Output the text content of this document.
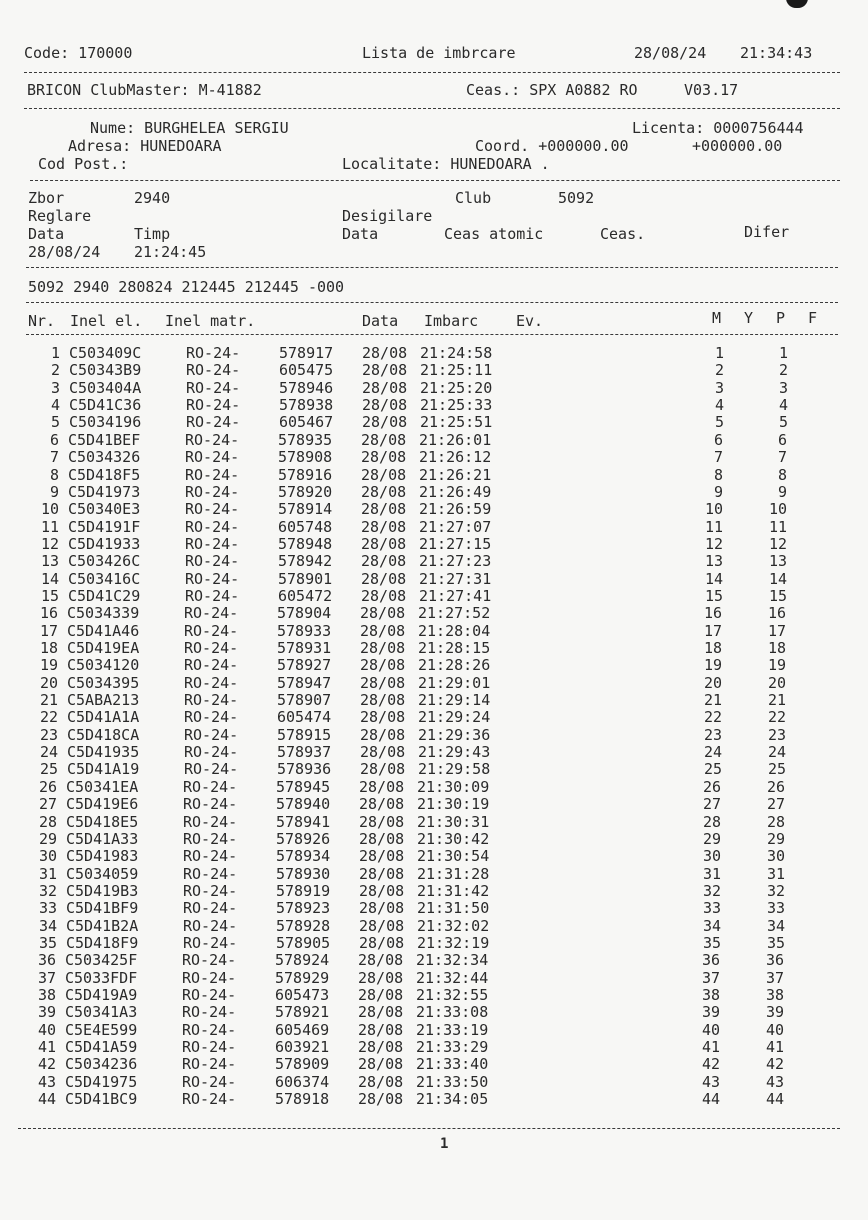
Code: 170000	Lista de imbrcare	28/08/24 21:34:43
BRICON ClubMaster: M-41882	Ceas.: SPX A0882 RO	V03.17
Nume: BURGHELEA SERGIU	Licenta: 0000756444
Adresa: HUNEDOARA	Coord. +000000.00	+000000.00
Cod Post.:	Localitate: HUNEDOARA .
Zbor	2940	Club	5092
Reglare	Desigilare
Data	Timp	Data	Ceas atomic	Ceas.	Difer
28/08/24 21:24:45
5092 2940 280824 212445 212445 -000
Nr. Inel el. Inel matr.	Data Imbarc	Ev.	M Y P F
1 C503409C	RO-24-	578917 28/08 21:24:58	1	1
2 C50343B9	RO-24-	605475 28/08 21:25:11	2	2
3 C503404A	RO-24-	578946 28/08 21:25:20	3	3
4 C5D41C36	RO-24-	578938 28/08 21:25:33	4	4
5 C5034196	RO-24-	605467 28/08 21:25:51	5	5
6 C5D41BEF	RO-24-	578935 28/08 21:26:01	6	6
7 C5034326	RO-24-	578908 28/08 21:26:12	7	7
8 C5D418F5	RO-24-	578916 28/08 21:26:21	8	8
9 C5D41973	RO-24-	578920 28/08 21:26:49	9	9
10 C50340E3	RO-24-	578914 28/08 21:26:59	10	10
11 C5D4191F	RO-24-	605748 28/08 21:27:07	11	11
12 C5D41933	RO-24-	578948 28/08 21:27:15	12	12
13 C503426C	RO-24-	578942 28/08 21:27:23	13	13
14 C503416C	RO-24-	578901 28/08 21:27:31	14	14
15 C5D41C29	RO-24-	605472 28/08 21:27:41	15	15
16 C5034339	RO-24-	578904 28/08 21:27:52	16	16
17 C5D41A46	RO-24-	578933 28/08 21:28:04	17	17
18 C5D419EA	RO-24-	578931 28/08 21:28:15	18	18
19 C5034120	RO-24-	578927 28/08 21:28:26	19	19
20 C5034395	RO-24-	578947 28/08 21:29:01	20	20
21 C5ABA213	RO-24-	578907 28/08 21:29:14	21	21
22 C5D41A1A	RO-24-	605474 28/08 21:29:24	22	22
23 C5D418CA	RO-24-	578915 28/08 21:29:36	23	23
24 C5D41935	RO-24-	578937 28/08 21:29:43	24	24
25 C5D41A19	RO-24-	578936 28/08 21:29:58	25	25
26 C50341EA	RO-24-	578945 28/08 21:30:09	26	26
27 C5D419E6	RO-24-	578940 28/08 21:30:19	27	27
28 C5D418E5	RO-24-	578941 28/08 21:30:31	28	28
29 C5D41A33	RO-24-	578926 28/08 21:30:42	29	29
30 C5D41983	RO-24-	578934 28/08 21:30:54	30	30
31 C5034059	RO-24-	578930 28/08 21:31:28	31	31
32 C5D419B3	RO-24-	578919 28/08 21:31:42	32	32
33 C5D41BF9	RO-24-	578923 28/08 21:31:50	33	33
34 C5D41B2A	RO-24-	578928 28/08 21:32:02	34	34
35 C5D418F9	RO-24-	578905 28/08 21:32:19	35	35
36 C503425F	RO-24-	578924 28/08 21:32:34	36	36
37 C5033FDF	RO-24-	578929 28/08 21:32:44	37	37
38 C5D419A9	RO-24-	605473 28/08 21:32:55	38	38
39 C50341A3	RO-24-	578921 28/08 21:33:08	39	39
40 C5E4E599	RO-24-	605469 28/08 21:33:19	40	40
41 C5D41A59	RO-24-	603921 28/08 21:33:29	41	41
42 C5034236	RO-24-	578909 28/08 21:33:40	42	42
43 C5D41975	RO-24-	606374 28/08 21:33:50	43	43
44 C5D41BC9	RO-24-	578918 28/08 21:34:05	44	44
1
